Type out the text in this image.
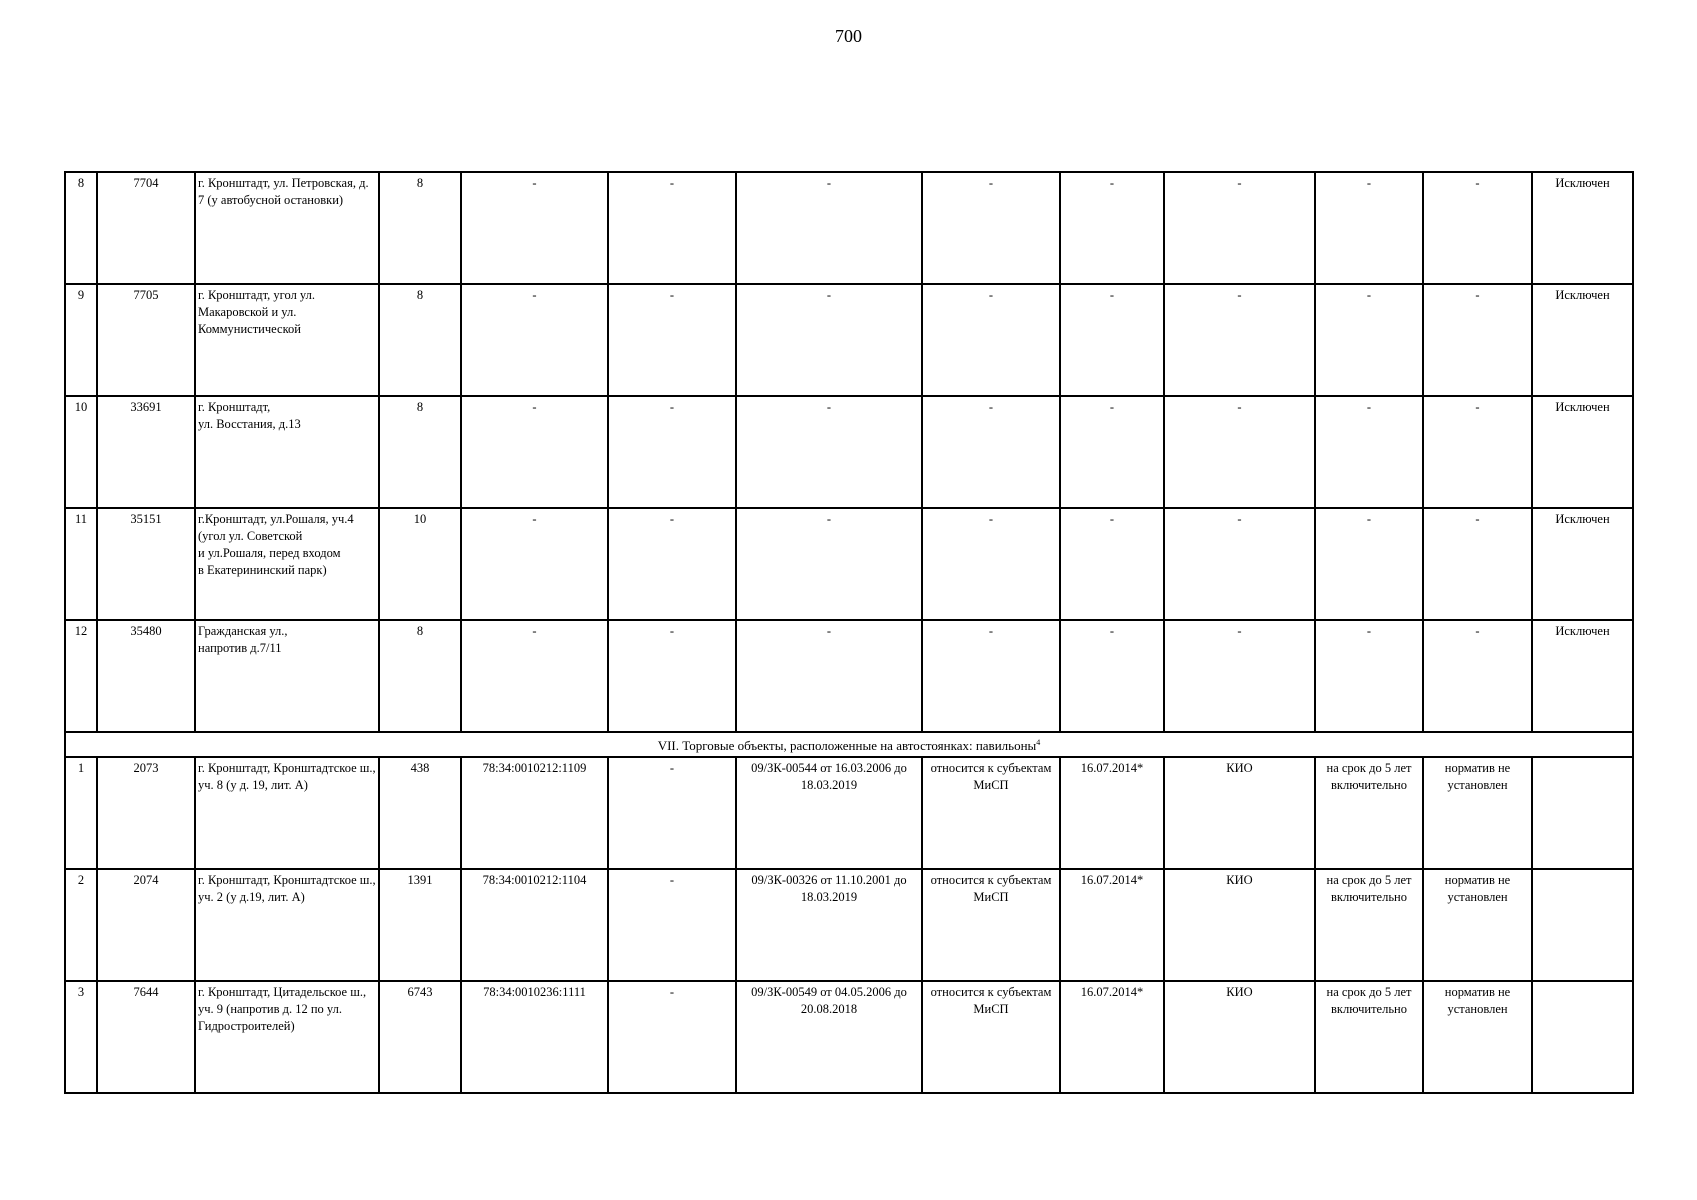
700
8	7704	г. Кронштадт, ул. Петровская, д. 7 (у автобусной остановки)	8	-	-	-	-	-	-	-	-	Исключен
9	7705	г. Кронштадт, угол ул. Макаровской и ул. Коммунистической	8	-	-	-	-	-	-	-	-	Исключен
10	33691	г. Кронштадт,
ул. Восстания, д.13	8	-	-	-	-	-	-	-	-	Исключен
11	35151	г.Кронштадт, ул.Рошаля, уч.4
(угол ул. Советской
и ул.Рошаля, перед входом
в Екатерининский парк)	10	-	-	-	-	-	-	-	-	Исключен
12	35480	Гражданская ул.,
напротив д.7/11	8	-	-	-	-	-	-	-	-	Исключен
VII. Торговые объекты, расположенные на автостоянках: павильоны$^4$
1	2073	г. Кронштадт, Кронштадтское ш., уч. 8 (у д. 19, лит. А)	438	78:34:0010212:1109	-	09/ЗК-00544 от 16.03.2006 до 18.03.2019	относится к субъектам МиСП	16.07.2014*	КИО	на срок до 5 лет включительно	норматив не установлен	
2	2074	г. Кронштадт, Кронштадтское ш., уч. 2 (у д.19, лит. А)	1391	78:34:0010212:1104	-	09/ЗК-00326 от 11.10.2001 до 18.03.2019	относится к субъектам МиСП	16.07.2014*	КИО	на срок до 5 лет включительно	норматив не установлен	
3	7644	г. Кронштадт, Цитадельское ш., уч. 9 (напротив д. 12 по ул. Гидростроителей)	6743	78:34:0010236:1111	-	09/ЗК-00549 от 04.05.2006 до 20.08.2018	относится к субъектам МиСП	16.07.2014*	КИО	на срок до 5 лет включительно	норматив не установлен	
